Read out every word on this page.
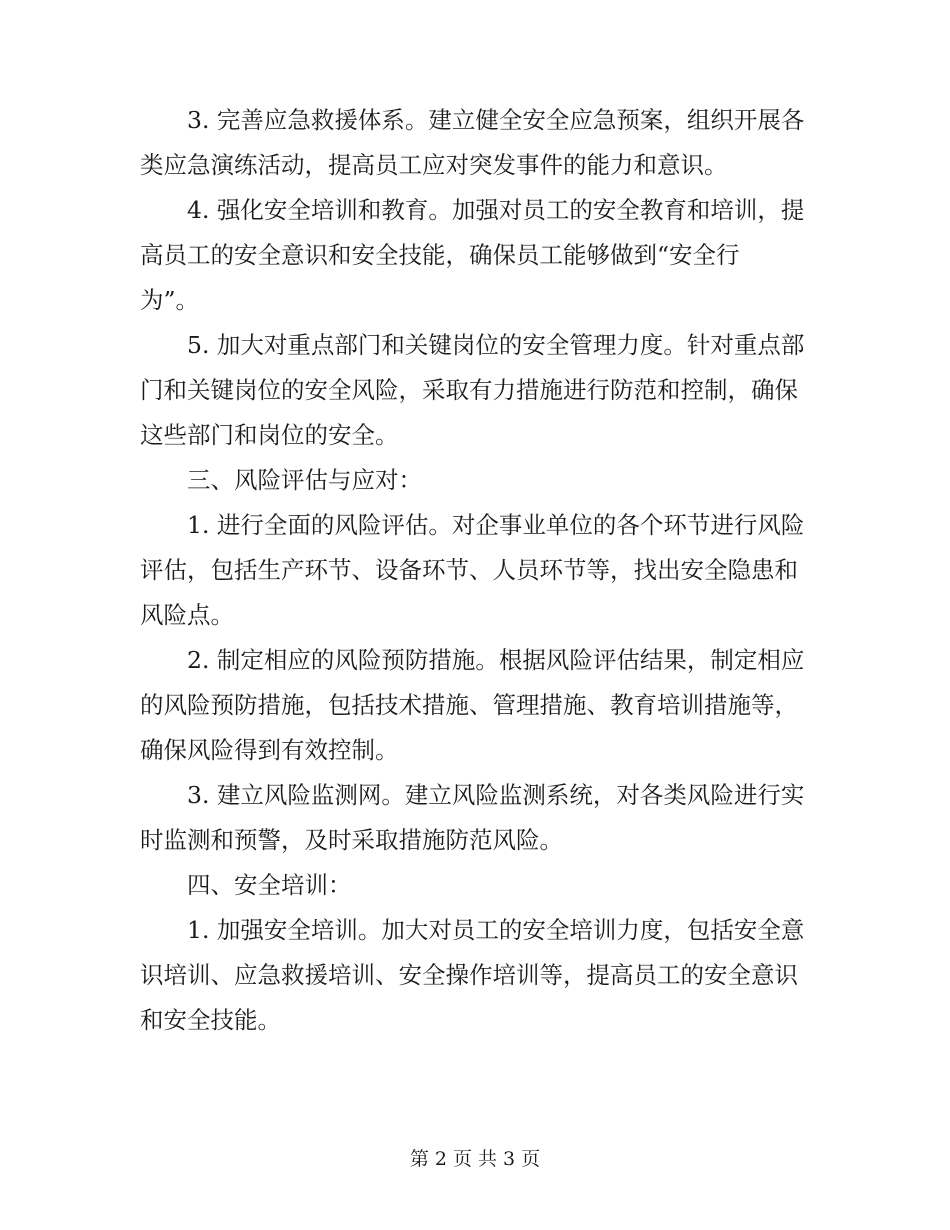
3. 完善应急救援体系。建立健全安全应急预案，组织开展各
类应急演练活动，提高员工应对突发事件的能力和意识。
4. 强化安全培训和教育。加强对员工的安全教育和培训，提
高员工的安全意识和安全技能，确保员工能够做到“安全行
为”。
5. 加大对重点部门和关键岗位的安全管理力度。针对重点部
门和关键岗位的安全风险，采取有力措施进行防范和控制，确保
这些部门和岗位的安全。
三、风险评估与应对：
1. 进行全面的风险评估。对企事业单位的各个环节进行风险
评估，包括生产环节、设备环节、人员环节等，找出安全隐患和
风险点。
2. 制定相应的风险预防措施。根据风险评估结果，制定相应
的风险预防措施，包括技术措施、管理措施、教育培训措施等，
确保风险得到有效控制。
3. 建立风险监测网。建立风险监测系统，对各类风险进行实
时监测和预警，及时采取措施防范风险。
四、安全培训：
1. 加强安全培训。加大对员工的安全培训力度，包括安全意
识培训、应急救援培训、安全操作培训等，提高员工的安全意识
和安全技能。
第 2 页 共 3 页
